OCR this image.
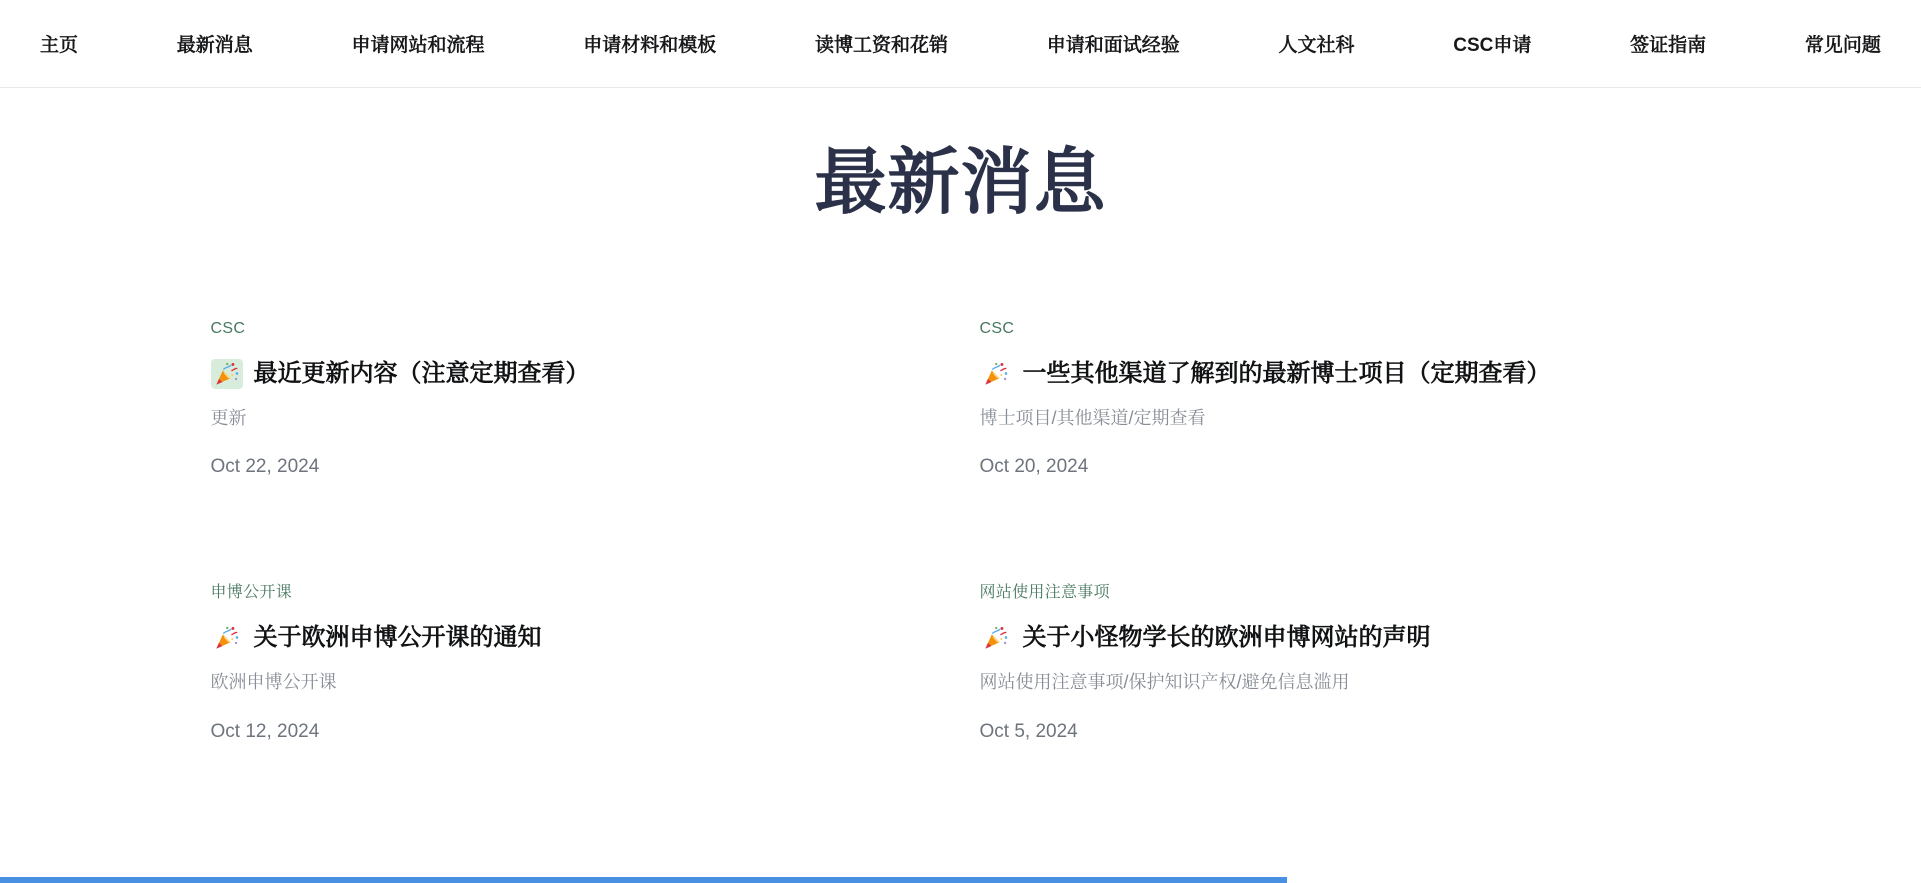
主页	最新消息	申请网站和流程	申请材料和模板	读博工资和花销	申请和面试经验	人文社科	CSC申请	签证指南	常见问题
最新消息
CSC
最近更新内容（注意定期查看）

更新

Oct 22, 2024

CSC
一些其他渠道了解到的最新博士项目（定期查看）

博士项目/其他渠道/定期查看

Oct 20, 2024

申博公开课
关于欧洲申博公开课的通知

欧洲申博公开课

Oct 12, 2024

网站使用注意事项
关于小怪物学长的欧洲申博网站的声明

网站使用注意事项/保护知识产权/避免信息滥用

Oct 5, 2024
